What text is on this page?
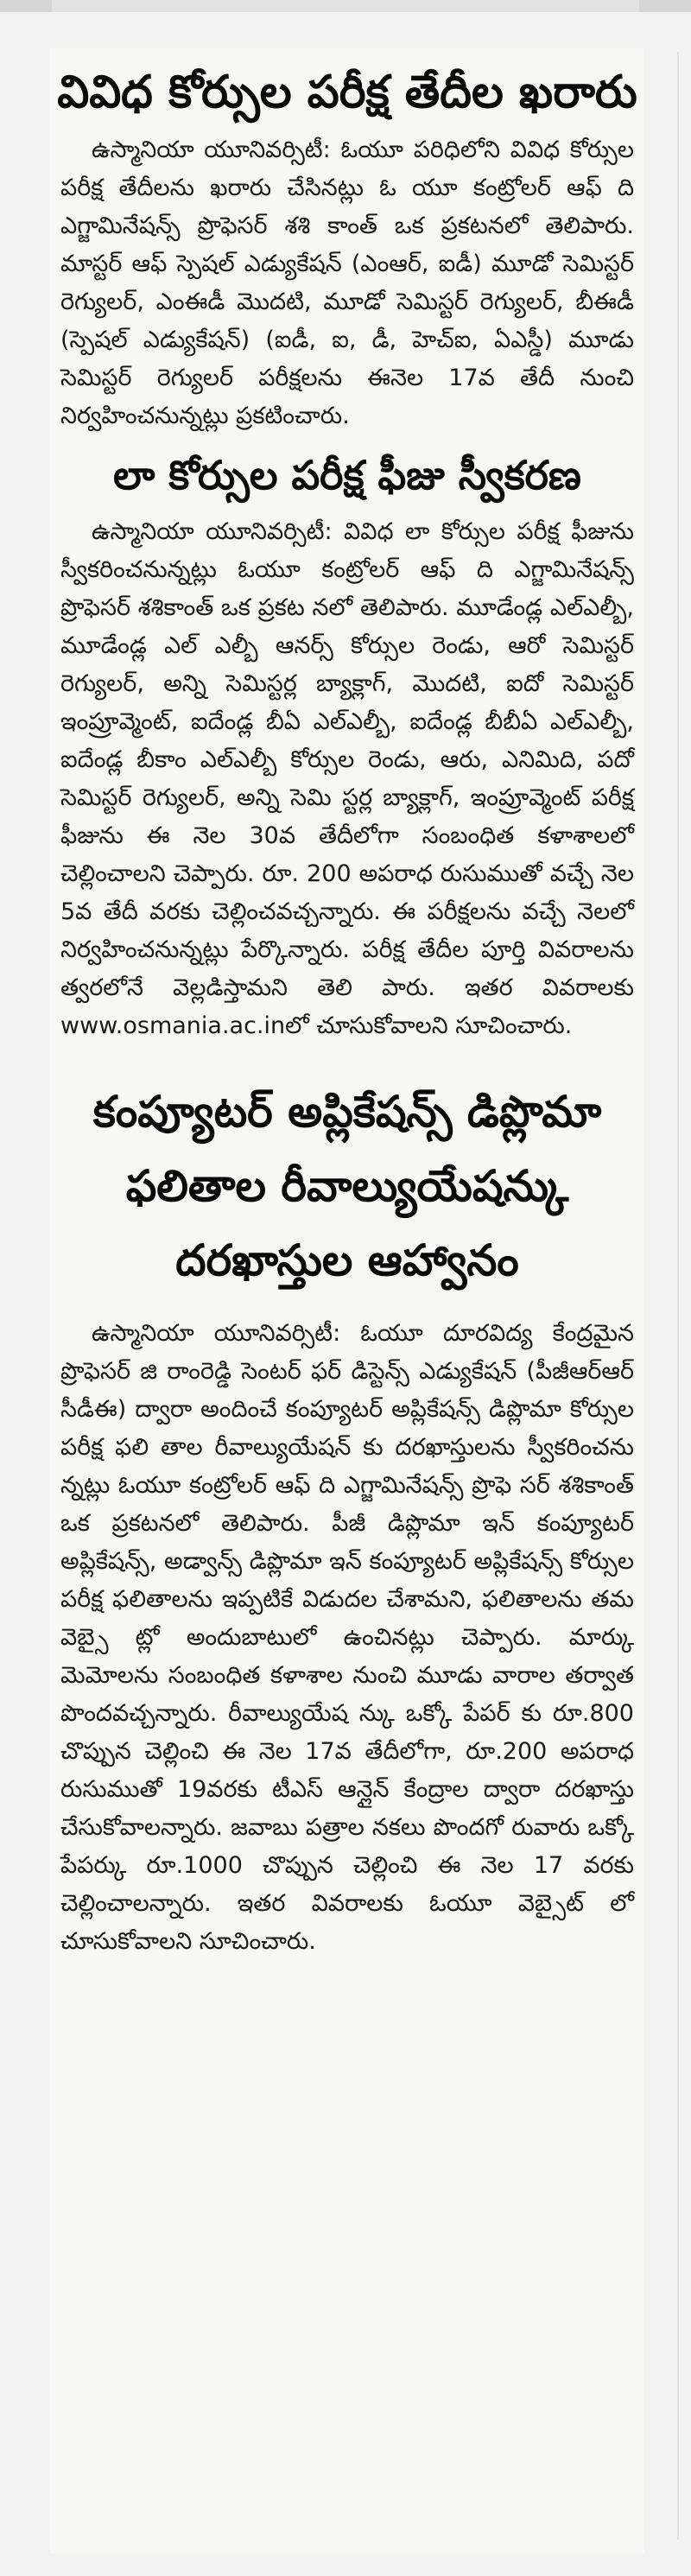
వివిధ కోర్సుల పరీక్ష తేదీల ఖరారు

ఉస్మానియా యూనివర్సిటీ: ఓయూ పరిధిలోని వివిధ కోర్సుల పరీక్ష తేదీలను ఖరారు చేసినట్లు ఓ యూ కంట్రోలర్ ఆఫ్ ది ఎగ్జామినేషన్స్ ప్రొఫెసర్ శశి కాంత్ ఒక ప్రకటనలో తెలిపారు. మాస్టర్ ఆఫ్ స్పెషల్ ఎడ్యుకేషన్ (ఎంఆర్, ఐడీ) మూడో సెమిస్టర్ రెగ్యులర్, ఎంఈడీ మొదటి, మూడో సెమిస్టర్ రెగ్యులర్, బీఈడీ (స్పెషల్ ఎడ్యుకేషన్) (ఐడీ, ఐ, డీ, హెచ్ఐ, ఏఎస్డీ) మూడు సెమిస్టర్ రెగ్యులర్ పరీక్షలను ఈనెల 17వ తేదీ నుంచి నిర్వహించనున్నట్లు ప్రకటించారు.

లా కోర్సుల పరీక్ష ఫీజు స్వీకరణ

ఉస్మానియా యూనివర్సిటీ: వివిధ లా కోర్సుల పరీక్ష ఫీజును స్వీకరించనున్నట్లు ఓయూ కంట్రోలర్ ఆఫ్ ది ఎగ్జామినేషన్స్ ప్రొఫెసర్ శశికాంత్ ఒక ప్రకట నలో తెలిపారు. మూడేండ్ల ఎల్ఎల్బీ, మూడేండ్ల ఎల్ ఎల్బీ ఆనర్స్ కోర్సుల రెండు, ఆరో సెమిస్టర్ రెగ్యులర్, అన్ని సెమిస్టర్ల బ్యాక్లాగ్, మొదటి, ఐదో సెమిస్టర్ ఇంప్రూవ్మెంట్, ఐదేండ్ల బీఏ ఎల్ఎల్బీ, ఐదేండ్ల బీబీఏ ఎల్ఎల్బీ, ఐదేండ్ల బీకాం ఎల్ఎల్బీ కోర్సుల రెండు, ఆరు, ఎనిమిది, పదో సెమిస్టర్ రెగ్యులర్, అన్ని సెమి స్టర్ల బ్యాక్లాగ్, ఇంప్రూవ్మెంట్ పరీక్ష ఫీజును ఈ నెల 30వ తేదీలోగా సంబంధిత కళాశాలలో చెల్లించాలని చెప్పారు. రూ. 200 అపరాధ రుసుముతో వచ్చే నెల 5వ తేదీ వరకు చెల్లించవచ్చన్నారు. ఈ పరీక్షలను వచ్చే నెలలో నిర్వహించనున్నట్లు పేర్కొన్నారు. పరీక్ష తేదీల పూర్తి వివరాలను త్వరలోనే వెల్లడిస్తామని తెలి పారు. ఇతర వివరాలకు www.osmania.ac.inలో చూసుకోవాలని సూచించారు.

కంప్యూటర్ అప్లికేషన్స్ డిప్లొమా ఫలితాల రీవాల్యుయేషన్కు దరఖాస్తుల ఆహ్వానం

ఉస్మానియా యూనివర్సిటీ: ఓయూ దూరవిద్య కేంద్రమైన ప్రొఫెసర్ జి రాంరెడ్డి సెంటర్ ఫర్ డిస్టెన్స్ ఎడ్యుకేషన్ (పీజీఆర్ఆర్ సీడీఈ) ద్వారా అందించే కంప్యూటర్ అప్లికేషన్స్ డిప్లొమా కోర్సుల పరీక్ష ఫలి తాల రీవాల్యుయేషన్ కు దరఖాస్తులను స్వీకరించను న్నట్లు ఓయూ కంట్రోలర్ ఆఫ్ ది ఎగ్జామినేషన్స్ ప్రొఫె సర్ శశికాంత్ ఒక ప్రకటనలో తెలిపారు. పీజీ డిప్లొమా ఇన్ కంప్యూటర్ అప్లికేషన్స్, అడ్వాన్స్ డిప్లొమా ఇన్ కంప్యూటర్ అప్లికేషన్స్ కోర్సుల పరీక్ష ఫలితాలను ఇప్పటికే విడుదల చేశామని, ఫలితాలను తమ వెబ్సై ట్లో అందుబాటులో ఉంచినట్లు చెప్పారు. మార్కు మెమోలను సంబంధిత కళాశాల నుంచి మూడు వారాల తర్వాత పొందవచ్చన్నారు. రీవాల్యుయేష న్కు ఒక్కో పేపర్ కు రూ.800 చొప్పున చెల్లించి ఈ నెల 17వ తేదీలోగా, రూ.200 అపరాధ రుసుముతో 19వరకు టీఎస్ ఆన్లైన్ కేంద్రాల ద్వారా దరఖాస్తు చేసుకోవాలన్నారు. జవాబు పత్రాల నకలు పొందగో రువారు ఒక్కో పేపర్కు రూ.1000 చొప్పున చెల్లించి ఈ నెల 17 వరకు చెల్లించాలన్నారు. ఇతర వివరాలకు ఓయూ వెబ్సైట్ లో చూసుకోవాలని సూచించారు.
